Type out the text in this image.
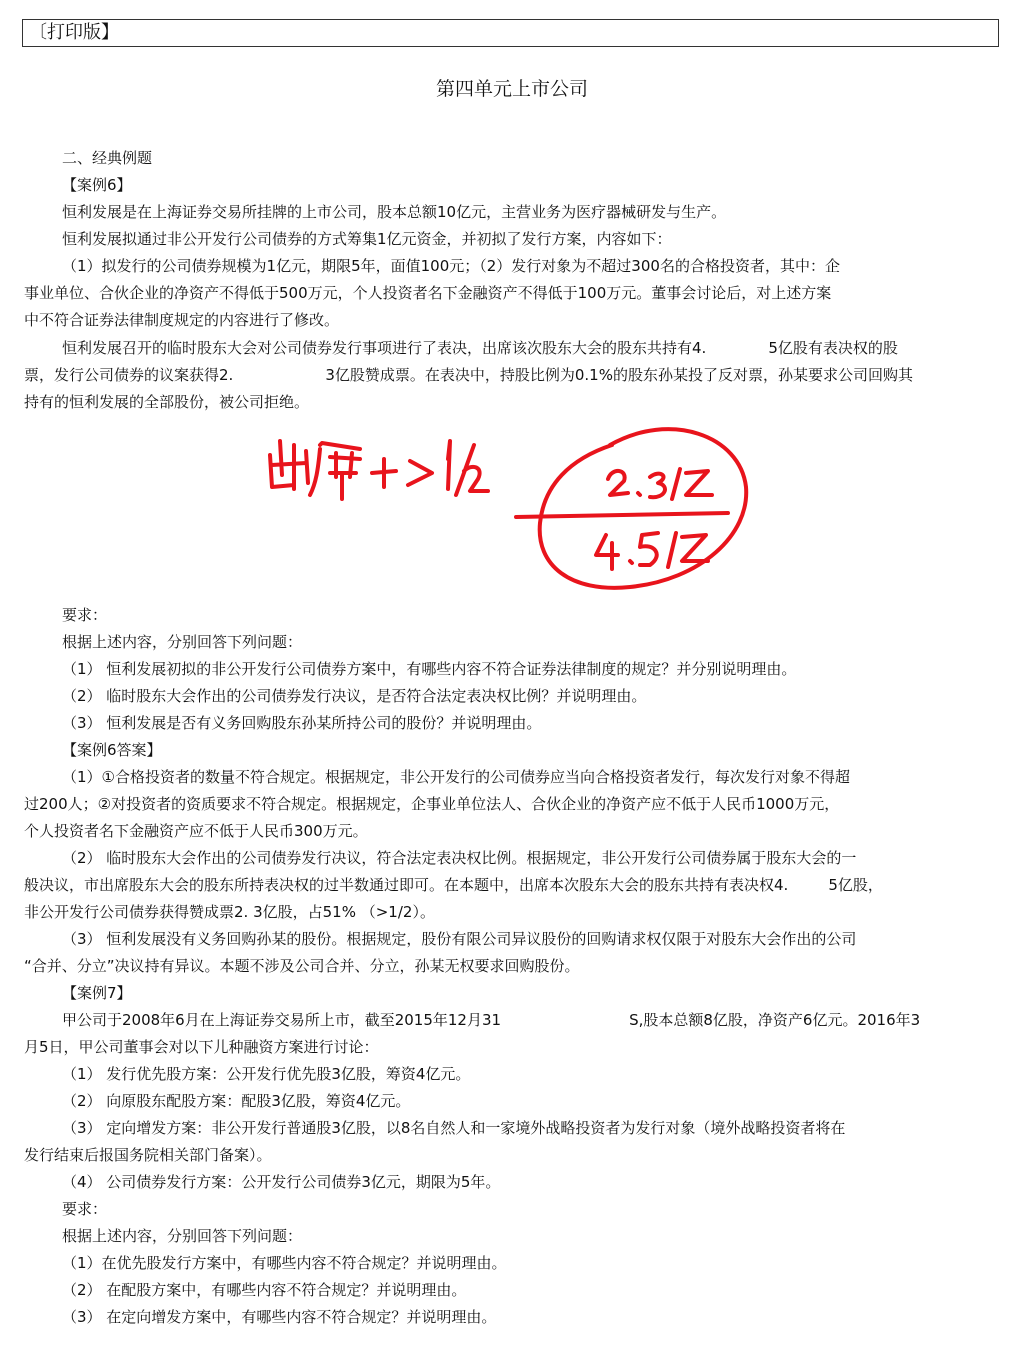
〔打印版】
第四单元上市公司
二、经典例题
【案例6】
恒利发展是在上海证券交易所挂牌的上市公司，股本总额10亿元，主营业务为医疗器械研发与生产。
恒利发展拟通过非公开发行公司债券的方式筹集1亿元资金，并初拟了发行方案，内容如下：
（1）拟发行的公司债券规模为1亿元，期限5年，面值100元；（2）发行对象为不超过300名的合格投资者，其中：企
事业单位、合伙企业的净资产不得低于500万元，个人投资者名下金融资产不得低于100万元。董事会讨论后，对上述方案
中不符合证券法律制度规定的内容进行了修改。
恒利发展召开的临时股东大会对公司债券发行事项进行了表决，出席该次股东大会的股东共持有4.	5亿股有表决权的股
票，发行公司债券的议案获得2.	3亿股赞成票。在表决中，持股比例为0.1%的股东孙某投了反对票，孙某要求公司回购其
持有的恒利发展的全部股份，被公司拒绝。
要求：
根据上述内容，分别回答下列问题：
（1） 恒利发展初拟的非公开发行公司债券方案中，有哪些内容不符合证券法律制度的规定？并分别说明理由。
（2） 临时股东大会作出的公司债券发行决议，是否符合法定表决权比例？并说明理由。
（3） 恒利发展是否有义务回购股东孙某所持公司的股份？并说明理由。
【案例6答案】
（1）①合格投资者的数量不符合规定。根据规定，非公开发行的公司债券应当向合格投资者发行，每次发行对象不得超
过200人；②对投资者的资质要求不符合规定。根据规定，企事业单位法人、合伙企业的净资产应不低于人民币1000万元，
个人投资者名下金融资产应不低于人民币300万元。
（2） 临时股东大会作出的公司债券发行决议，符合法定表决权比例。根据规定，非公开发行公司债券属于股东大会的一
般决议，市出席股东大会的股东所持表决权的过半数通过即可。在本题中，出席本次股东大会的股东共持有表决权4.	5亿股，
非公开发行公司债券获得赞成票2. 3亿股，占51% （>1/2）。
（3） 恒利发展没有义务回购孙某的股份。根据规定，股份有限公司异议股份的回购请求权仅限于对股东大会作出的公司
“合并、分立”决议持有异议。本题不涉及公司合并、分立，孙某无权要求回购股份。
【案例7】
甲公司于2008年6月在上海证券交易所上市，截至2015年12月31	S,股本总额8亿股，净资产6亿元。2016年3
月5日，甲公司董事会对以下儿种融资方案进行讨论：
（1） 发行优先股方案：公开发行优先股3亿股，筹资4亿元。
（2） 向原股东配股方案：配股3亿股，筹资4亿元。
（3） 定向增发方案：非公开发行普通股3亿股，以8名自然人和一家境外战略投资者为发行对象（境外战略投资者将在
发行结束后报国务院相关部门备案）。
（4） 公司债券发行方案：公开发行公司债券3亿元，期限为5年。
要求：
根据上述内容，分别回答下列问题：
（1）在优先股发行方案中，有哪些内容不符合规定？并说明理由。
（2） 在配股方案中，有哪些内容不符合规定？并说明理由。
（3） 在定向增发方案中，有哪些内容不符合规定？并说明理由。
